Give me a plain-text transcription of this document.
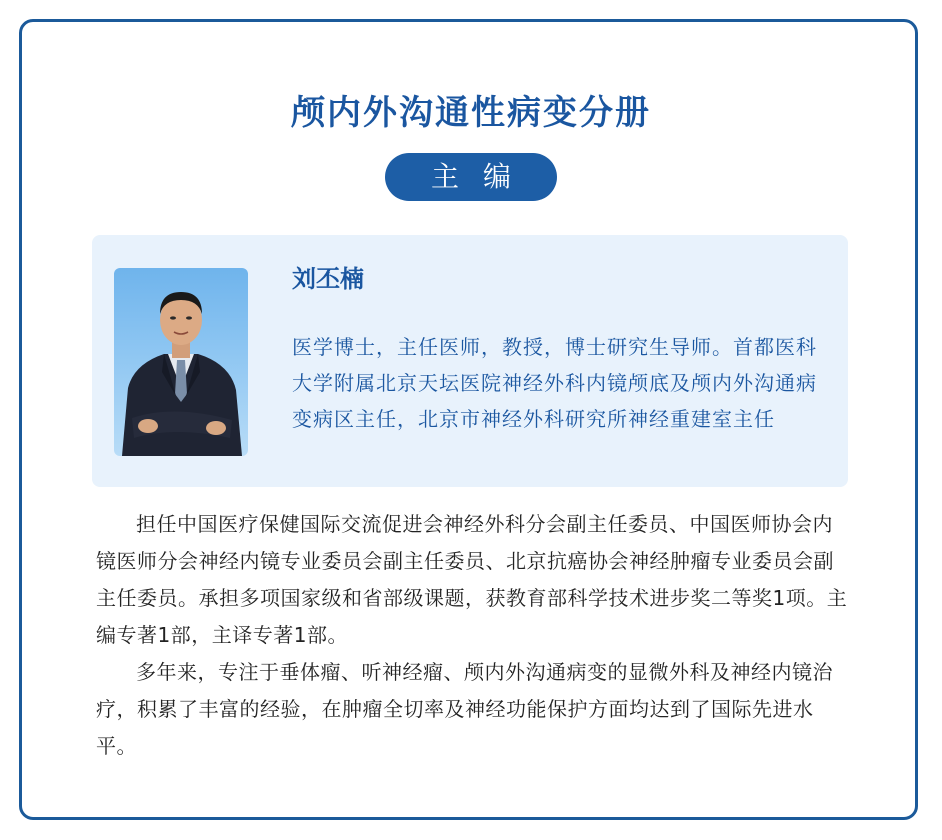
颅内外沟通性病变分册
主编
刘丕楠
医学博士，主任医师，教授，博士研究生导师。首都医科大学附属北京天坛医院神经外科内镜颅底及颅内外沟通病变病区主任，北京市神经外科研究所神经重建室主任

担任中国医疗保健国际交流促进会神经外科分会副主任委员、中国医师协会内镜医师分会神经内镜专业委员会副主任委员、北京抗癌协会神经肿瘤专业委员会副主任委员。承担多项国家级和省部级课题，获教育部科学技术进步奖二等奖1项。主编专著1部，主译专著1部。

多年来，专注于垂体瘤、听神经瘤、颅内外沟通病变的显微外科及神经内镜治疗，积累了丰富的经验，在肿瘤全切率及神经功能保护方面均达到了国际先进水平。
